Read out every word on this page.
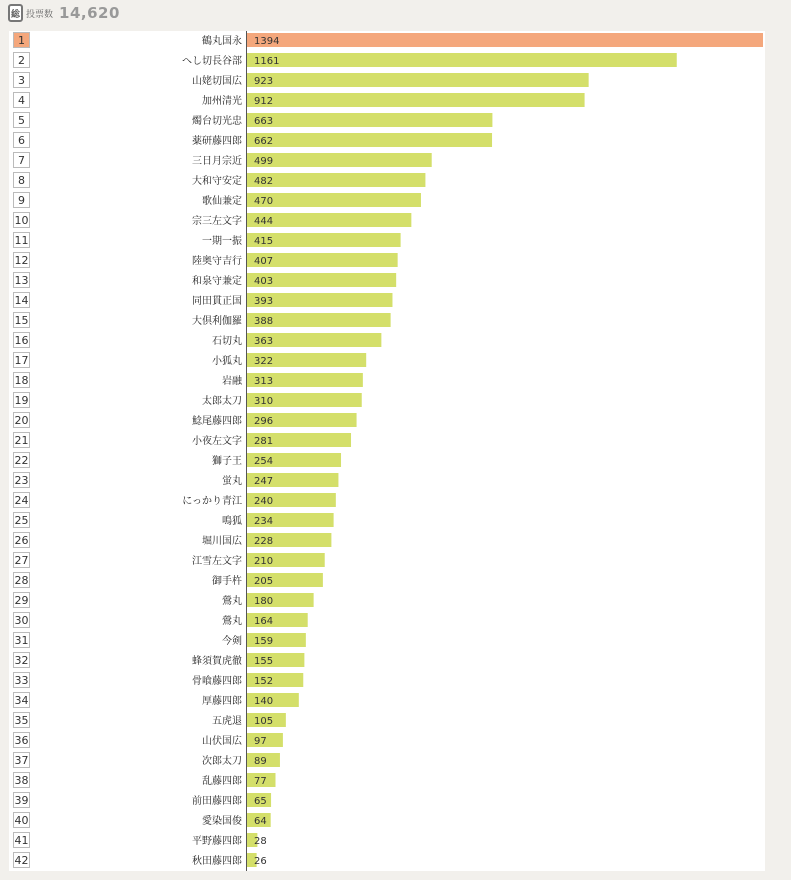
総 投票数 14,620
1	鶴丸国永 1394
2	へし切長谷部 1161
3	山姥切国広 923
4	加州清光 912
5	燭台切光忠 663
6	薬研藤四郎 662
7	三日月宗近 499
8	大和守安定 482
9	歌仙兼定 470
10	宗三左文字 444
11	一期一振 415
12	陸奥守吉行 407
13	和泉守兼定 403
14	同田貫正国 393
15	大倶利伽羅 388
16	石切丸 363
17	小狐丸 322
18	岩融 313
19	太郎太刀 310
20	鯰尾藤四郎 296
21	小夜左文字 281
22	獅子王 254
23	蛍丸 247
24	にっかり青江 240
25	鳴狐 234
26	堀川国広 228
27	江雪左文字 210
28	御手杵 205
29	鶯丸 180
30	鶯丸 164
31	今剣 159
32	蜂須賀虎徹 155
33	骨喰藤四郎 152
34	厚藤四郎 140
35	五虎退 105
36	山伏国広 97
37	次郎太刀 89
38	乱藤四郎 77
39	前田藤四郎 65
40	愛染国俊 64
41	平野藤四郎 28
42	秋田藤四郎 26
